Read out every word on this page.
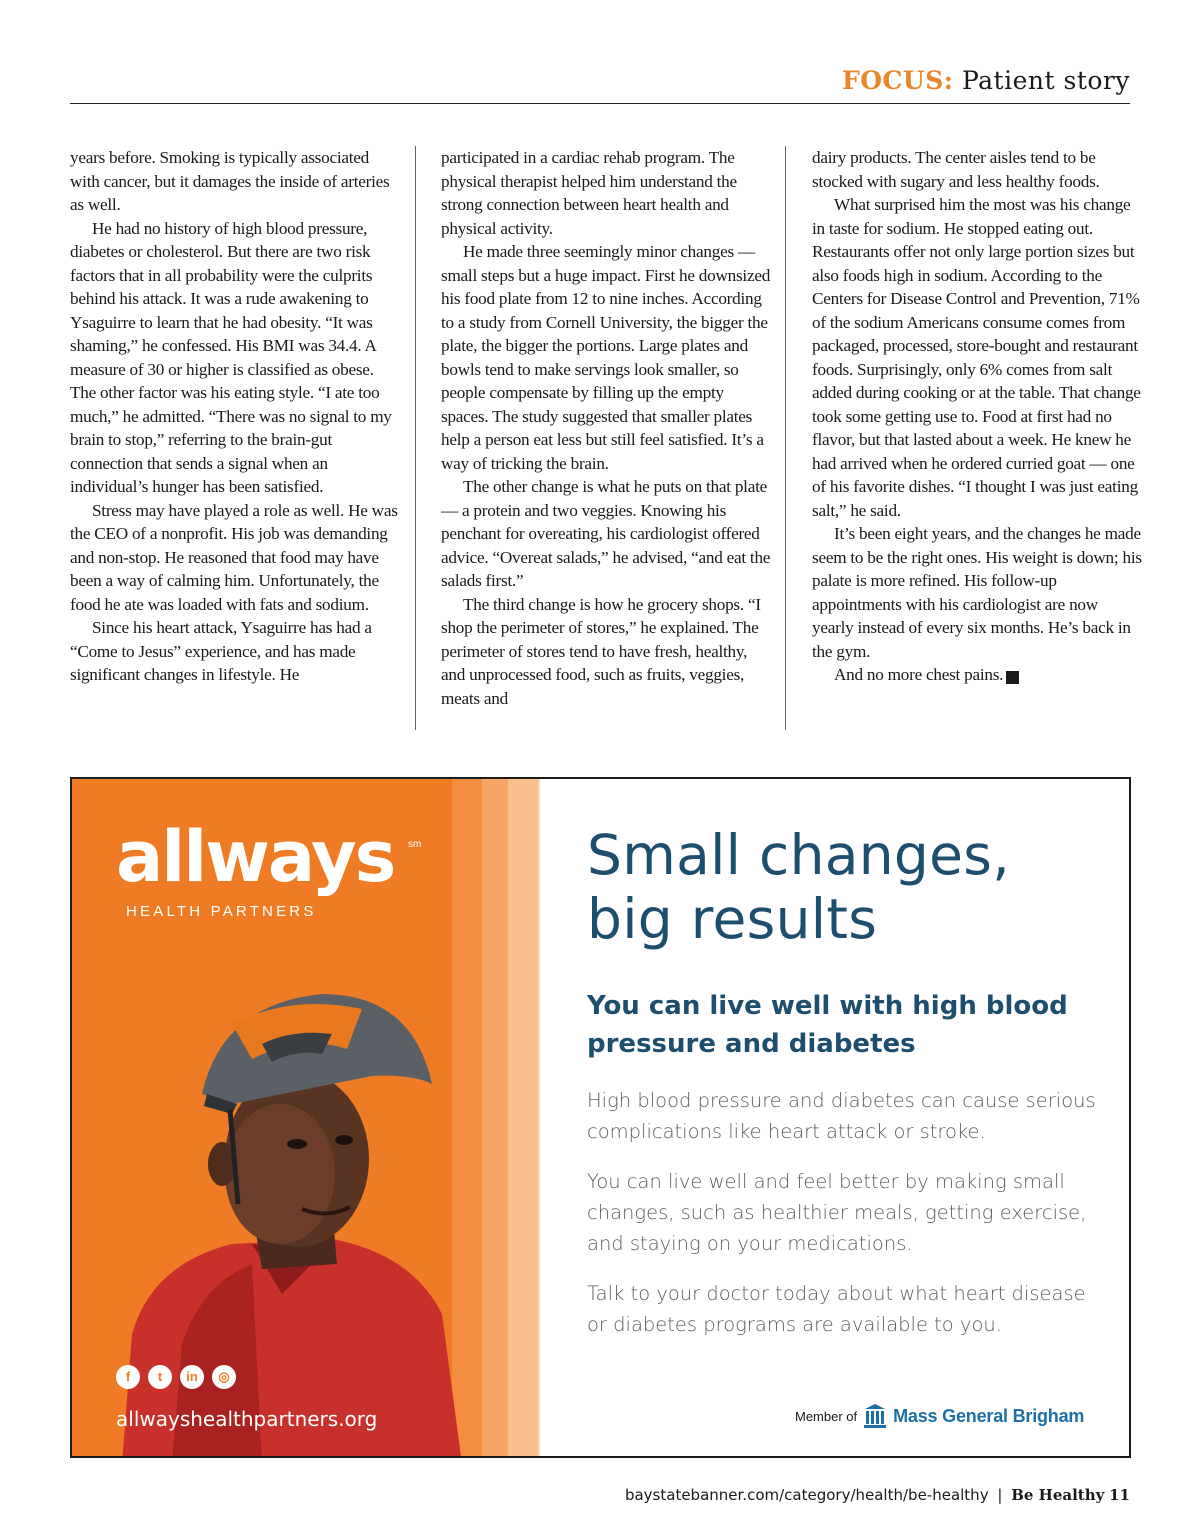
FOCUS: Patient story

years before. Smoking is typically associated with cancer, but it damages the inside of arteries as well.

He had no history of high blood pressure, diabetes or cholesterol. But there are two risk factors that in all probability were the culprits behind his attack. It was a rude awakening to Ysaguirre to learn that he had obesity. “It was shaming,” he confessed. His BMI was 34.4. A measure of 30 or higher is classified as obese. The other factor was his eating style. “I ate too much,” he admitted. “There was no signal to my brain to stop,” referring to the brain-gut connection that sends a signal when an individual’s hunger has been satisfied.

Stress may have played a role as well. He was the CEO of a nonprofit. His job was demanding and non-stop. He reasoned that food may have been a way of calming him. Unfortunately, the food he ate was loaded with fats and sodium.

Since his heart attack, Ysaguirre has had a “Come to Jesus” experience, and has made significant changes in lifestyle. He

participated in a cardiac rehab program. The physical therapist helped him understand the strong connection between heart health and physical activity.

He made three seemingly minor changes — small steps but a huge impact. First he downsized his food plate from 12 to nine inches. According to a study from Cornell University, the bigger the plate, the bigger the portions. Large plates and bowls tend to make servings look smaller, so people compensate by filling up the empty spaces. The study suggested that smaller plates help a person eat less but still feel satisfied. It’s a way of tricking the brain.

The other change is what he puts on that plate — a protein and two veggies. Knowing his penchant for overeating, his cardiologist offered advice. “Overeat salads,” he advised, “and eat the salads first.”

The third change is how he grocery shops. “I shop the perimeter of stores,” he explained. The perimeter of stores tend to have fresh, healthy, and unprocessed food, such as fruits, veggies, meats and

dairy products. The center aisles tend to be stocked with sugary and less healthy foods.

What surprised him the most was his change in taste for sodium. He stopped eating out. Restaurants offer not only large portion sizes but also foods high in sodium. According to the Centers for Disease Control and Prevention, 71% of the sodium Americans consume comes from packaged, processed, store-bought and restaurant foods. Surprisingly, only 6% comes from salt added during cooking or at the table. That change took some getting use to. Food at first had no flavor, but that lasted about a week. He knew he had arrived when he ordered curried goat — one of his favorite dishes. “I thought I was just eating salt,” he said.

It’s been eight years, and the changes he made seem to be the right ones. His weight is down; his palate is more refined. His follow-up appointments with his cardiologist are now yearly instead of every six months. He’s back in the gym.

And no more chest pains.	B

allways sm
HEALTH PARTNERS
f	t	in	◎
allwayshealthpartners.org
Small changes,
big results
You can live well with high blood pressure and diabetes
High blood pressure and diabetes can cause serious complications like heart attack or stroke.
You can live well and feel better by making small changes, such as healthier meals, getting exercise, and staying on your medications.
Talk to your doctor today about what heart disease or diabetes programs are available to you.
Member of Mass General Brigham
baystatebanner.com/category/health/be-healthy | Be Healthy 11
